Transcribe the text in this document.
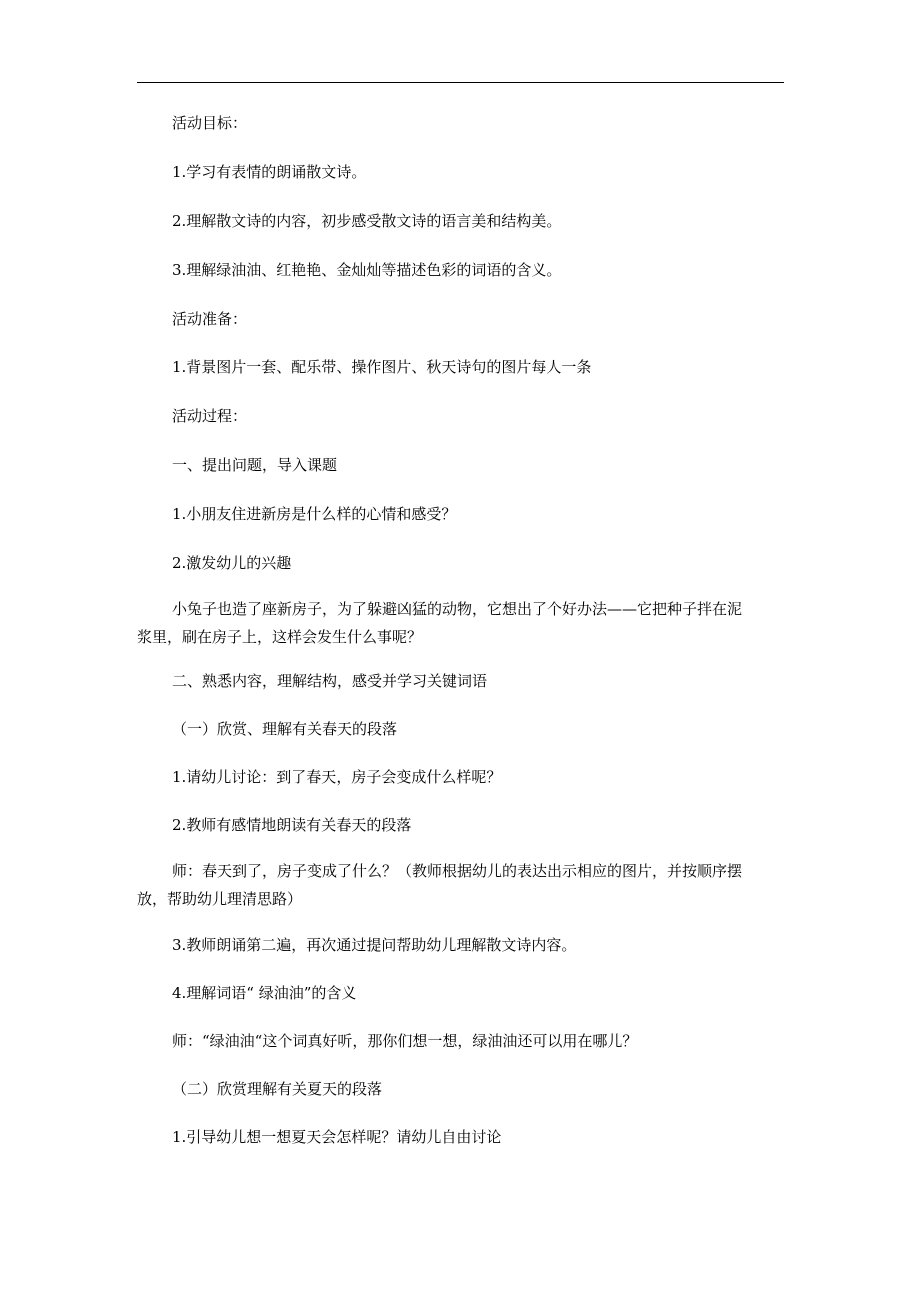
活动目标：

1.学习有表情的朗诵散文诗。

2.理解散文诗的内容，初步感受散文诗的语言美和结构美。

3.理解绿油油、红艳艳、金灿灿等描述色彩的词语的含义。

活动准备：

1.背景图片一套、配乐带、操作图片、秋天诗句的图片每人一条

活动过程：

一、提出问题，导入课题

1.小朋友住进新房是什么样的心情和感受？

2.激发幼儿的兴趣

小兔子也造了座新房子，为了躲避凶猛的动物，它想出了个好办法——它把种子拌在泥
浆里，刷在房子上，这样会发生什么事呢？

二、熟悉内容，理解结构，感受并学习关键词语

（一）欣赏、理解有关春天的段落

1.请幼儿讨论：到了春天，房子会变成什么样呢？

2.教师有感情地朗读有关春天的段落

师：春天到了，房子变成了什么？（教师根据幼儿的表达出示相应的图片，并按顺序摆
放，帮助幼儿理清思路）

3.教师朗诵第二遍，再次通过提问帮助幼儿理解散文诗内容。

4.理解词语“ 绿油油”的含义

师：“绿油油“这个词真好听，那你们想一想，绿油油还可以用在哪儿？

（二）欣赏理解有关夏天的段落

1.引导幼儿想一想夏天会怎样呢？请幼儿自由讨论
